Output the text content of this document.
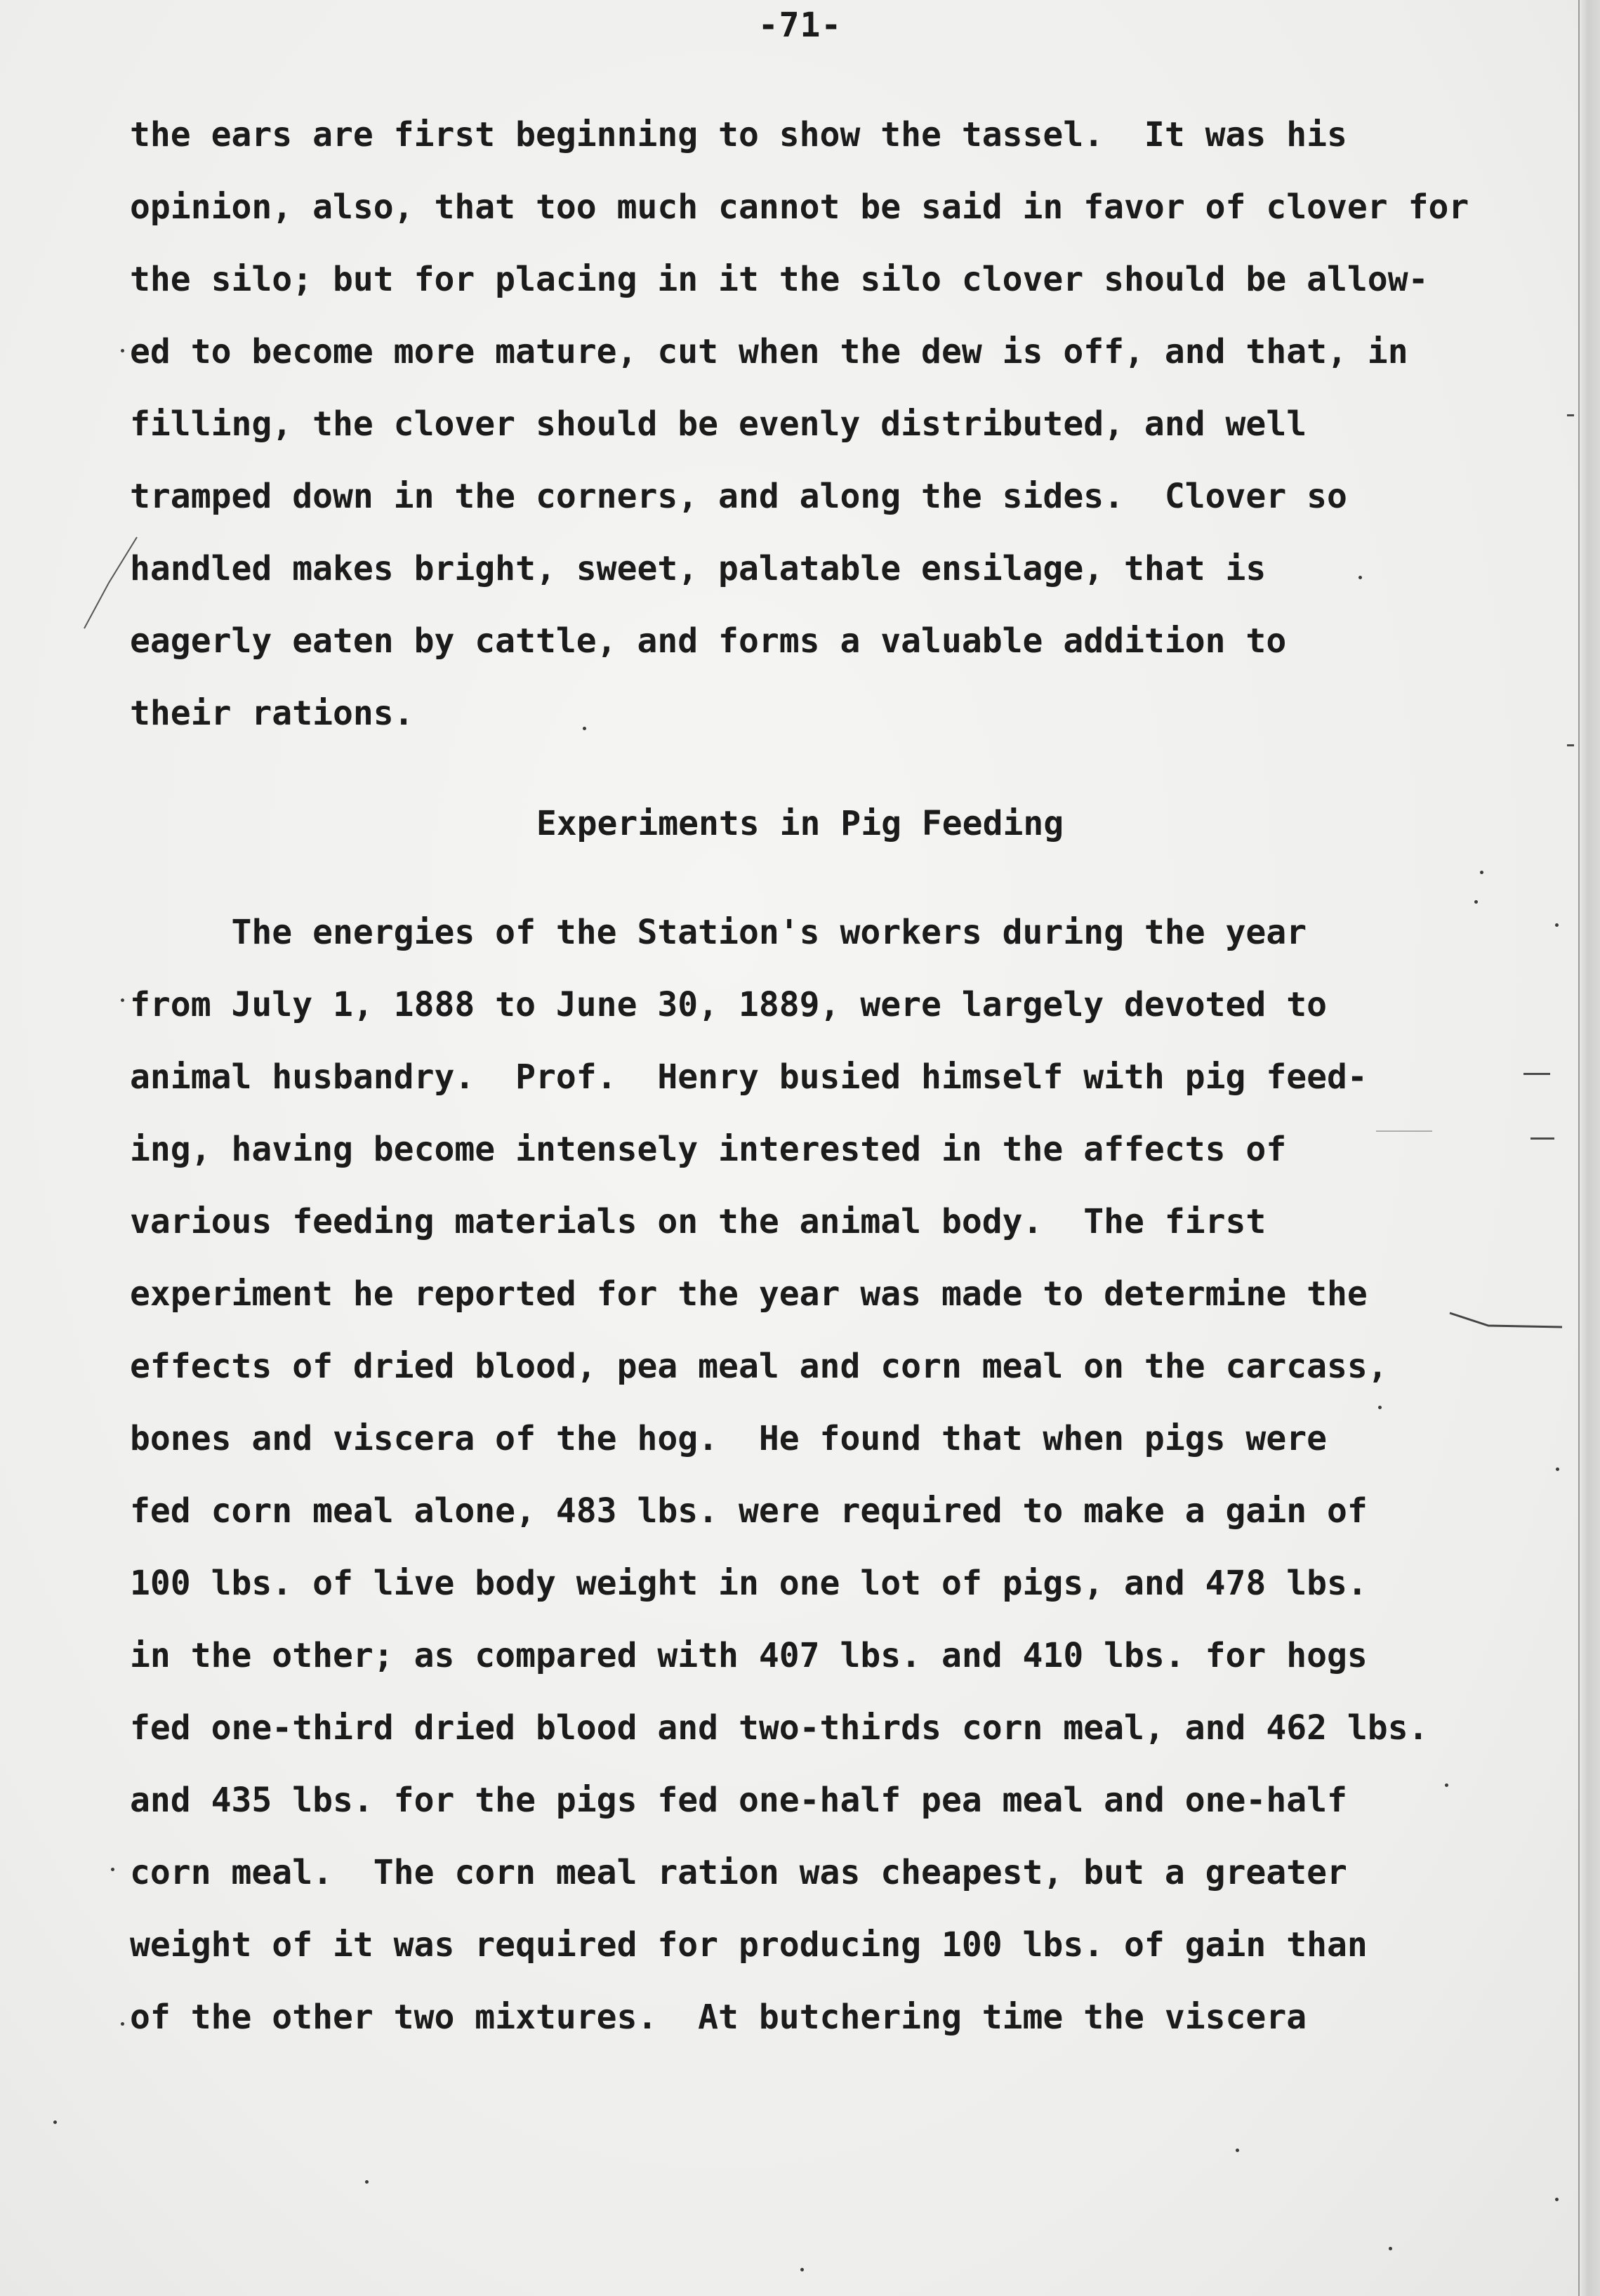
-71-

the ears are first beginning to show the tassel.  It was his

opinion, also, that too much cannot be said in favor of clover for

the silo; but for placing in it the silo clover should be allow-

ed to become more mature, cut when the dew is off, and that, in

filling, the clover should be evenly distributed, and well

tramped down in the corners, and along the sides.  Clover so

handled makes bright, sweet, palatable ensilage, that is

eagerly eaten by cattle, and forms a valuable addition to

their rations.

Experiments in Pig Feeding

The energies of the Station's workers during the year

from July 1, 1888 to June 30, 1889, were largely devoted to

animal husbandry.  Prof.  Henry busied himself with pig feed-

ing, having become intensely interested in the affects of

various feeding materials on the animal body.  The first

experiment he reported for the year was made to determine the

effects of dried blood, pea meal and corn meal on the carcass,

bones and viscera of the hog.  He found that when pigs were

fed corn meal alone, 483 lbs. were required to make a gain of

100 lbs. of live body weight in one lot of pigs, and 478 lbs.

in the other; as compared with 407 lbs. and 410 lbs. for hogs

fed one-third dried blood and two-thirds corn meal, and 462 lbs.

and 435 lbs. for the pigs fed one-half pea meal and one-half

corn meal.  The corn meal ration was cheapest, but a greater

weight of it was required for producing 100 lbs. of gain than

of the other two mixtures.  At butchering time the viscera
